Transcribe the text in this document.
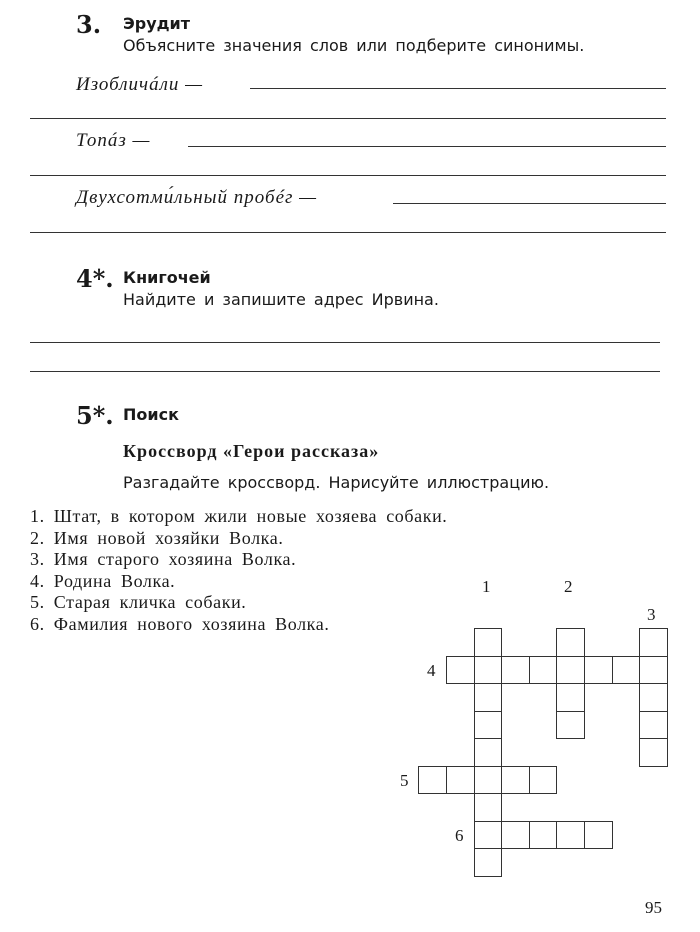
3. Эрудит
Объясните значения слов или подберите синонимы.
Изобличáли —
Топáз —
Двухсотми́льный пробéг —
4*. Книгочей
Найдите и запишите адрес Ирвина.
5*. Поиск
Кроссворд «Герои рассказа»
Разгадайте кроссворд. Нарисуйте иллюстрацию.
1. Штат, в котором жили новые хозяева собаки.
2. Имя новой хозяйки Волка.
3. Имя старого хозяина Волка.
4. Родина Волка.
5. Старая кличка собаки.
6. Фамилия нового хозяина Волка.
1	2
3
4
5
6
95
